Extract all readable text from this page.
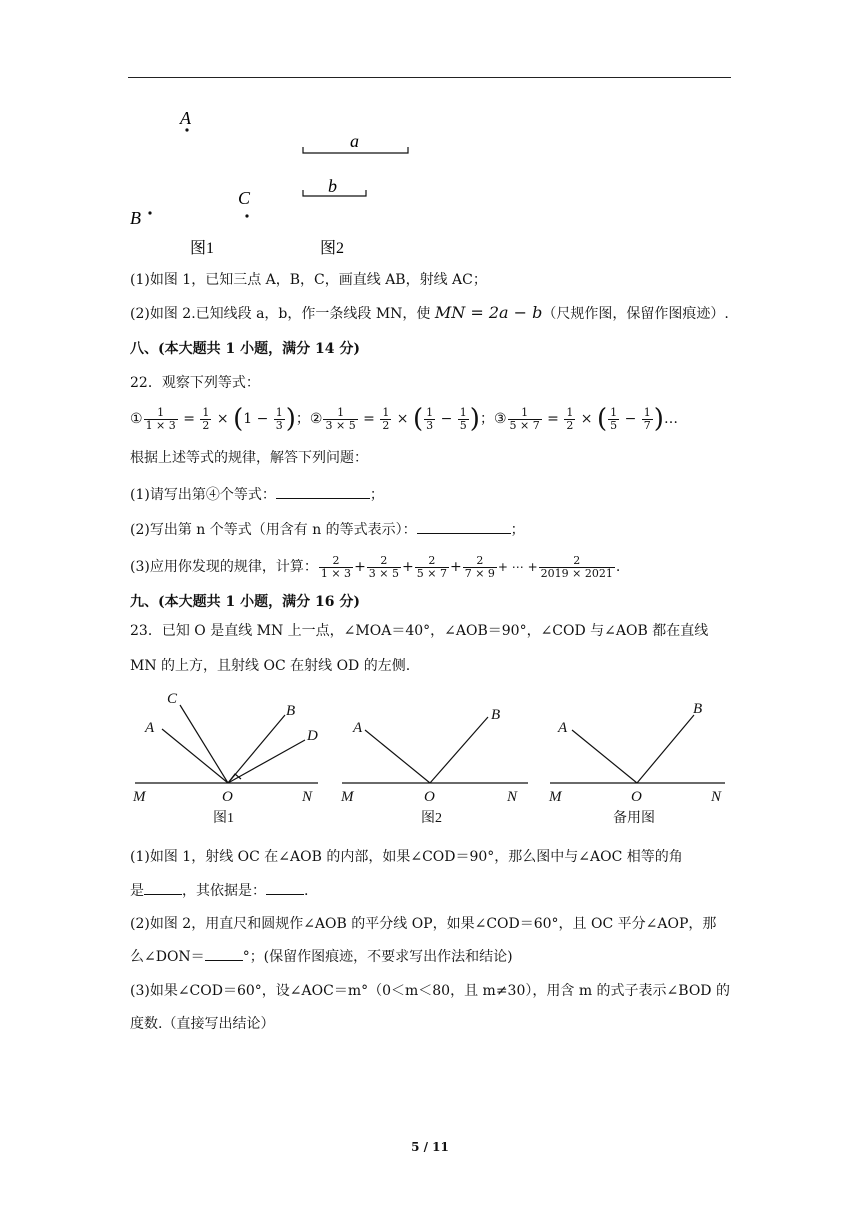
A
B
C
a
b
图1	图2
(1)如图 1，已知三点 A，B，C，画直线 AB，射线 AC；
(2)如图 2.已知线段 a，b，作一条线段 MN，使 MN = 2a − b（尺规作图，保留作图痕迹）.
八、(本大题共 1 小题，满分 14 分)
22．观察下列等式：
① $\frac{1}{1 \times 3} = \frac{1}{2} \times (1 - \frac{1}{3}$ )；② $\frac{1}{3 \times 5} = \frac{1}{2}$ × ( $\frac{1}{3} - \frac{1}{5}$ )；③ $\frac{1}{5 \times 7} = \frac{1}{2}$ × ( $\frac{1}{5} - \frac{1}{7}$ )…
根据上述等式的规律，解答下列问题：
(1)请写出第④个等式：	；
(2)写出第 n 个等式（用含有 n 的等式表示）：	；
(3)应用你发现的规律，计算： $\frac{2}{1 \times 3} + \frac{2}{3 \times 5} + \frac{2}{5 \times 7} + \frac{2}{7 \times 9}$ + ⋯ + $\frac{2}{2019 \times 2021}$ .
九、(本大题共 1 小题，满分 16 分)
23．已知 O 是直线 MN 上一点，∠MOA＝40°，∠AOB＝90°，∠COD 与∠AOB 都在直线
MN 的上方，且射线 OC 在射线 OD 的左侧.
C
A
B
D
M	O	N
A
B
M	O	N
A
B
M	O	N
图1	图2	备用图
(1)如图 1，射线 OC 在∠AOB 的内部，如果∠COD＝90°，那么图中与∠AOC 相等的角
是	，其依据是：	.
(2)如图 2，用直尺和圆规作∠AOB 的平分线 OP，如果∠COD＝60°，且 OC 平分∠AOP，那
么∠DON＝	°；(保留作图痕迹，不要求写出作法和结论)
(3)如果∠COD＝60°，设∠AOC＝m°（0＜m＜80，且 m≠30），用含 m 的式子表示∠BOD 的
度数.（直接写出结论）
5 / 11
